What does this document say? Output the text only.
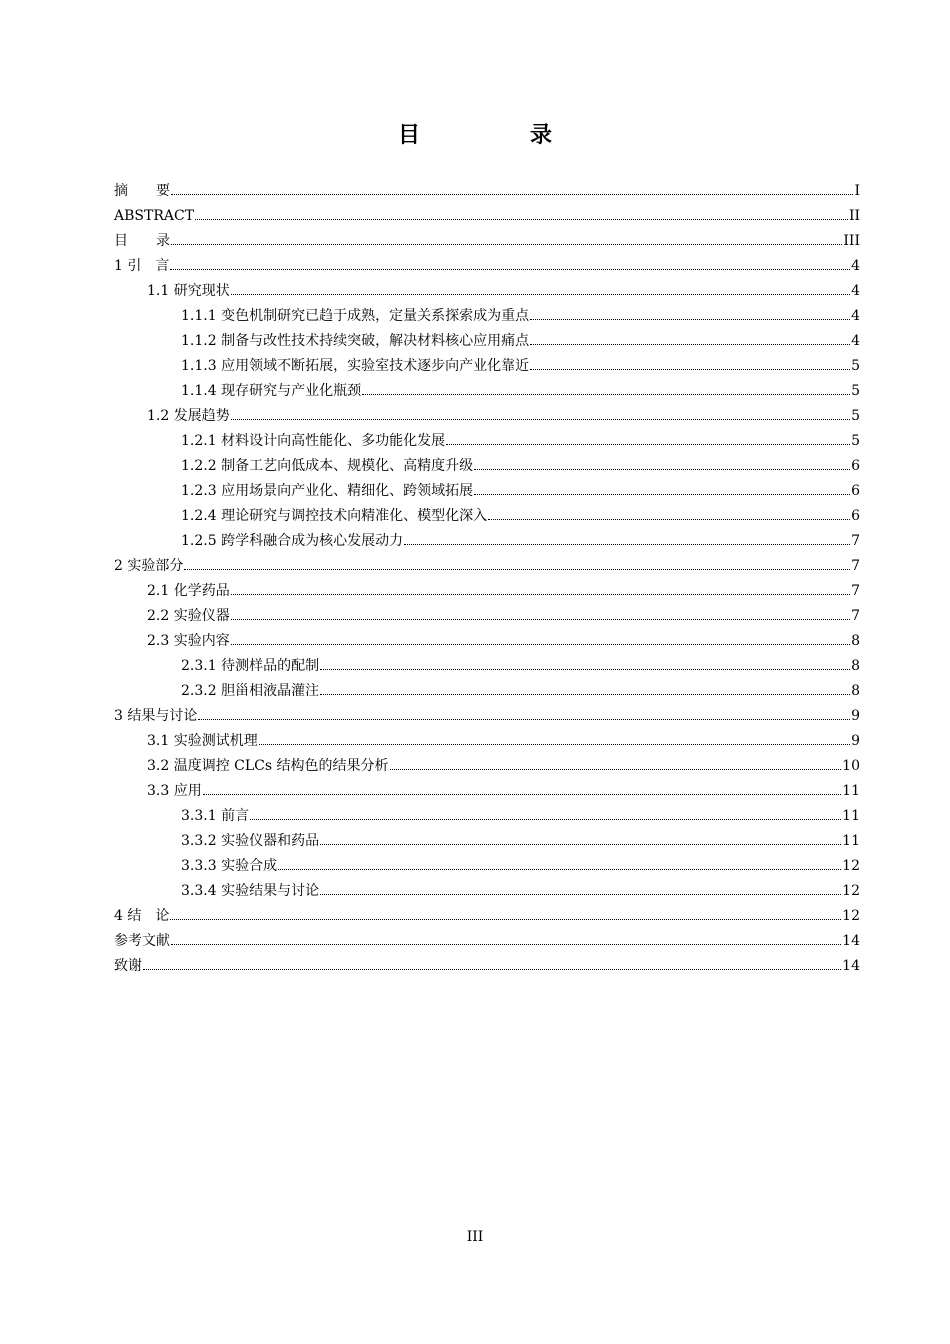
目　录
摘　　要	I
ABSTRACT	II
目　　录	III
1 引　言	4
1.1 研究现状	4
1.1.1 变色机制研究已趋于成熟，定量关系探索成为重点	4
1.1.2 制备与改性技术持续突破，解决材料核心应用痛点	4
1.1.3 应用领域不断拓展，实验室技术逐步向产业化靠近	5
1.1.4 现存研究与产业化瓶颈	5
1.2 发展趋势	5
1.2.1 材料设计向高性能化、多功能化发展	5
1.2.2 制备工艺向低成本、规模化、高精度升级	6
1.2.3 应用场景向产业化、精细化、跨领域拓展	6
1.2.4 理论研究与调控技术向精准化、模型化深入	6
1.2.5 跨学科融合成为核心发展动力	7
2 实验部分	7
2.1 化学药品	7
2.2 实验仪器	7
2.3 实验内容	8
2.3.1 待测样品的配制	8
2.3.2 胆甾相液晶灌注	8
3 结果与讨论	9
3.1 实验测试机理	9
3.2 温度调控 CLCs 结构色的结果分析	10
3.3 应用	11
3.3.1 前言	11
3.3.2 实验仪器和药品	11
3.3.3 实验合成	12
3.3.4 实验结果与讨论	12
4 结　论	12
参考文献	14
致谢	14
III
